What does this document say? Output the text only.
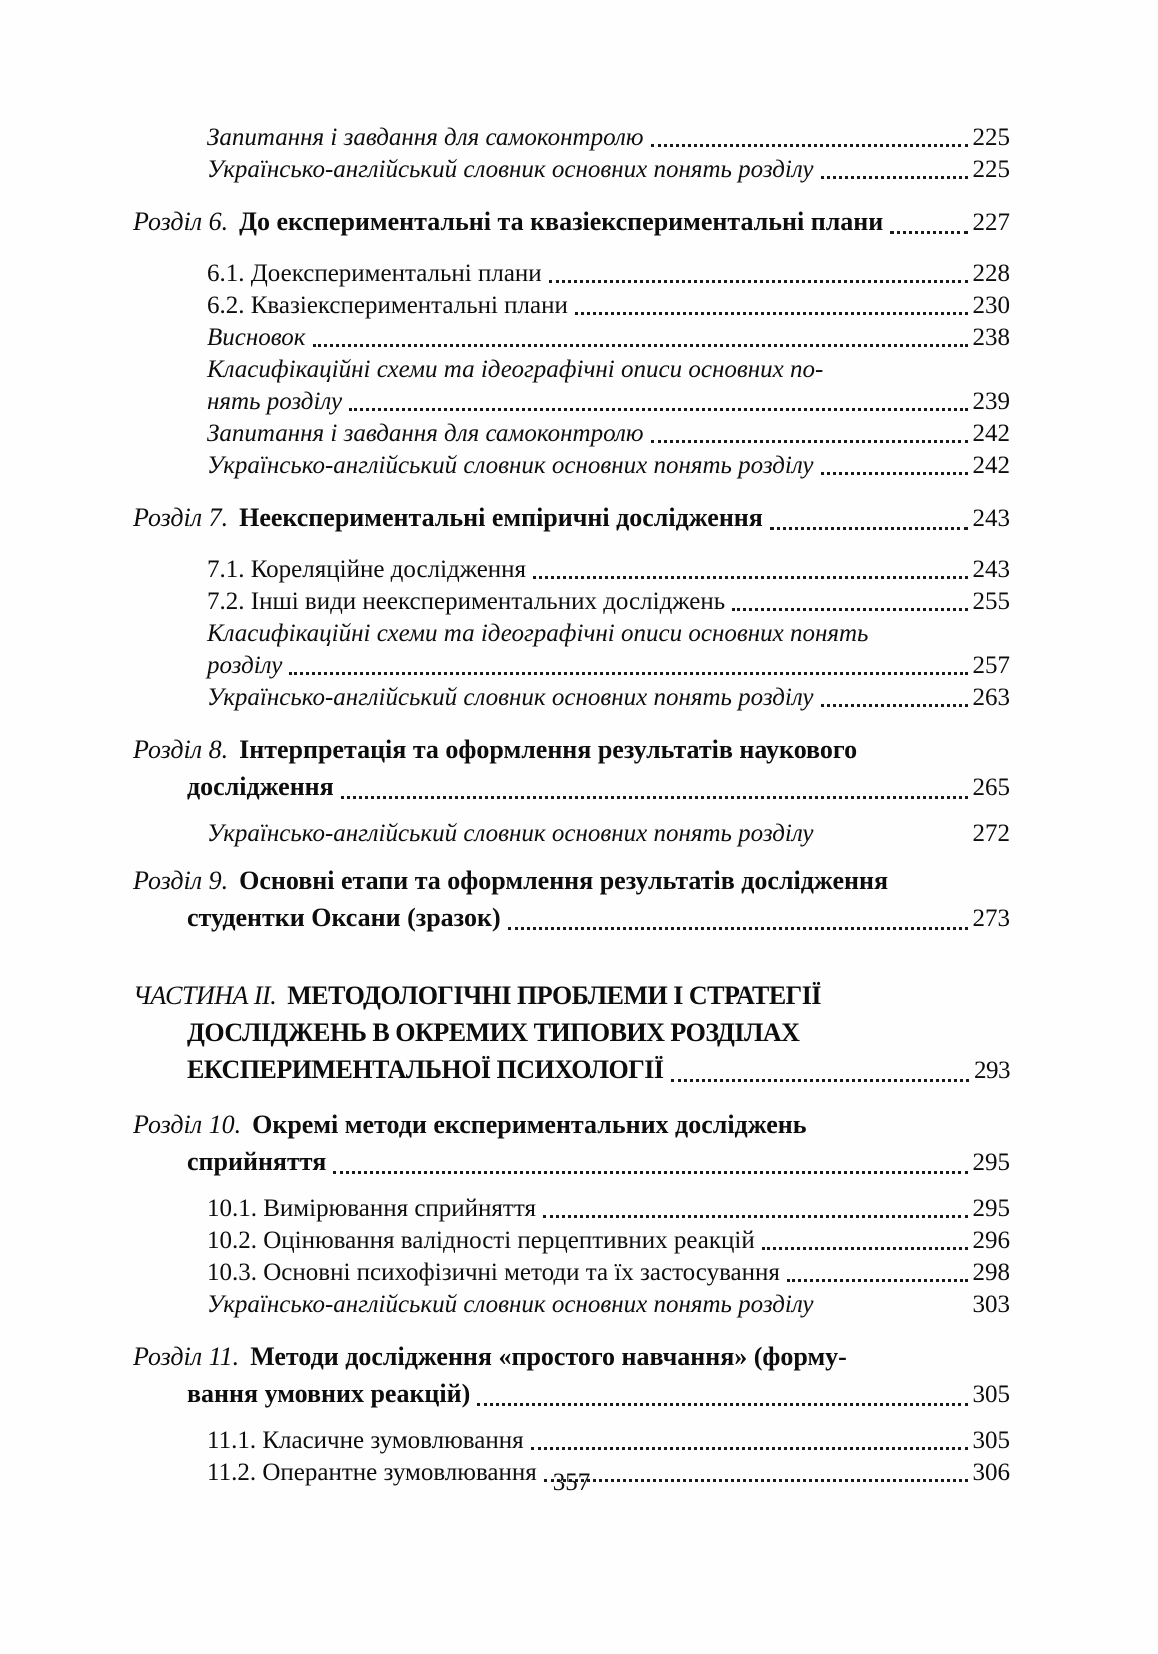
Запитання і завдання для самоконтролю	225
Українсько-англійський словник основних понять розділу	225
Розділ 6. До експериментальні та квазіекспериментальні плани	227
6.1. Доекспериментальні плани	228
6.2. Квазіекспериментальні плани	230
Висновок	238
Класифікаційні схеми та ідеографічні описи основних по-
нять розділу	239
Запитання і завдання для самоконтролю	242
Українсько-англійський словник основних понять розділу	242
Розділ 7. Неекспериментальні емпіричні дослідження	243
7.1. Кореляційне дослідження	243
7.2. Інші види неекспериментальних досліджень	255
Класифікаційні схеми та ідеографічні описи основних понять
розділу	257
Українсько-англійський словник основних понять розділу	263
Розділ 8. Інтерпретація та оформлення результатів наукового
дослідження	265
Українсько-англійський словник основних понять розділу	272
Розділ 9. Основні етапи та оформлення результатів дослідження
студентки Оксани (зразок)	273
ЧАСТИНА II. МЕТОДОЛОГІЧНІ ПРОБЛЕМИ І СТРАТЕГІЇ
ДОСЛІДЖЕНЬ В ОКРЕМИХ ТИПОВИХ РОЗДІЛАХ
ЕКСПЕРИМЕНТАЛЬНОЇ ПСИХОЛОГІЇ	293
Розділ 10. Окремі методи експериментальних досліджень
сприйняття	295
10.1. Вимірювання сприйняття	295
10.2. Оцінювання валідності перцептивних реакцій	296
10.3. Основні психофізичні методи та їх застосування	298
Українсько-англійський словник основних понять розділу	303
Розділ 11. Методи дослідження «простого навчання» (форму-
вання умовних реакцій)	305
11.1. Класичне зумовлювання	305
11.2. Оперантне зумовлювання	306
357
